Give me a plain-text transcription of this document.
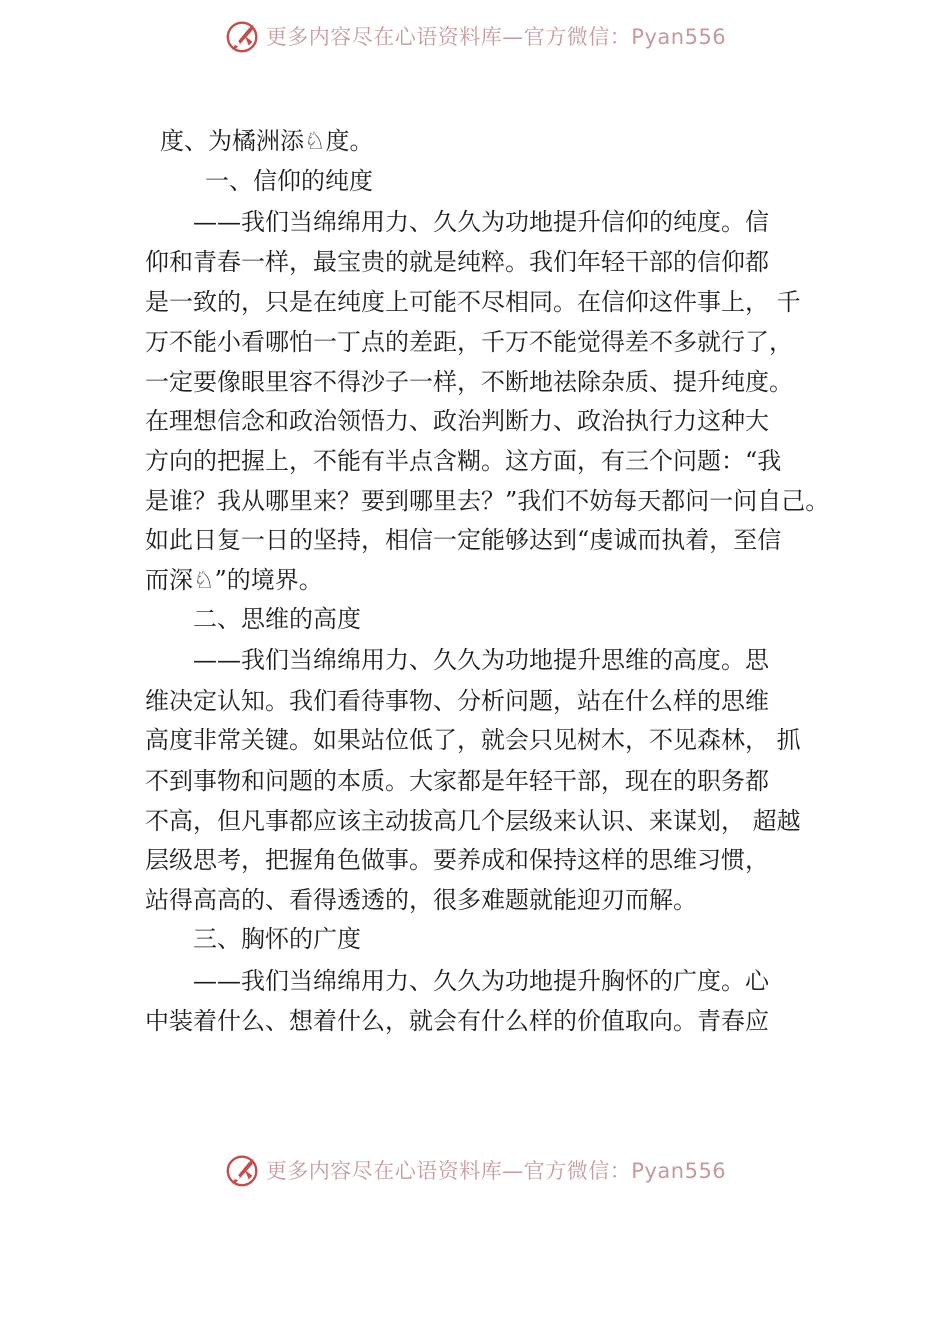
更多内容尽在心语资料库—官方微信：Pyan556
度、为橘洲添♘度。
一、信仰的纯度
——我们当绵绵用力、久久为功地提升信仰的纯度。信
仰和青春一样，最宝贵的就是纯粹。我们年轻干部的信仰都
是一致的，只是在纯度上可能不尽相同。在信仰这件事上， 千
万不能小看哪怕一丁点的差距，千万不能觉得差不多就行了，
一定要像眼里容不得沙子一样，不断地祛除杂质、提升纯度。
在理想信念和政治领悟力、政治判断力、政治执行力这种大
方向的把握上，不能有半点含糊。这方面，有三个问题：“我
是谁？我从哪里来？要到哪里去？”我们不妨每天都问一问自己。
如此日复一日的坚持，相信一定能够达到“虔诚而执着，至信
而深♘”的境界。
二、思维的高度
——我们当绵绵用力、久久为功地提升思维的高度。思
维决定认知。我们看待事物、分析问题，站在什么样的思维
高度非常关键。如果站位低了，就会只见树木，不见森林， 抓
不到事物和问题的本质。大家都是年轻干部，现在的职务都
不高，但凡事都应该主动拔高几个层级来认识、来谋划， 超越
层级思考，把握角色做事。要养成和保持这样的思维习惯，
站得高高的、看得透透的，很多难题就能迎刃而解。
三、胸怀的广度
——我们当绵绵用力、久久为功地提升胸怀的广度。心
中装着什么、想着什么，就会有什么样的价值取向。青春应
更多内容尽在心语资料库—官方微信：Pyan556
